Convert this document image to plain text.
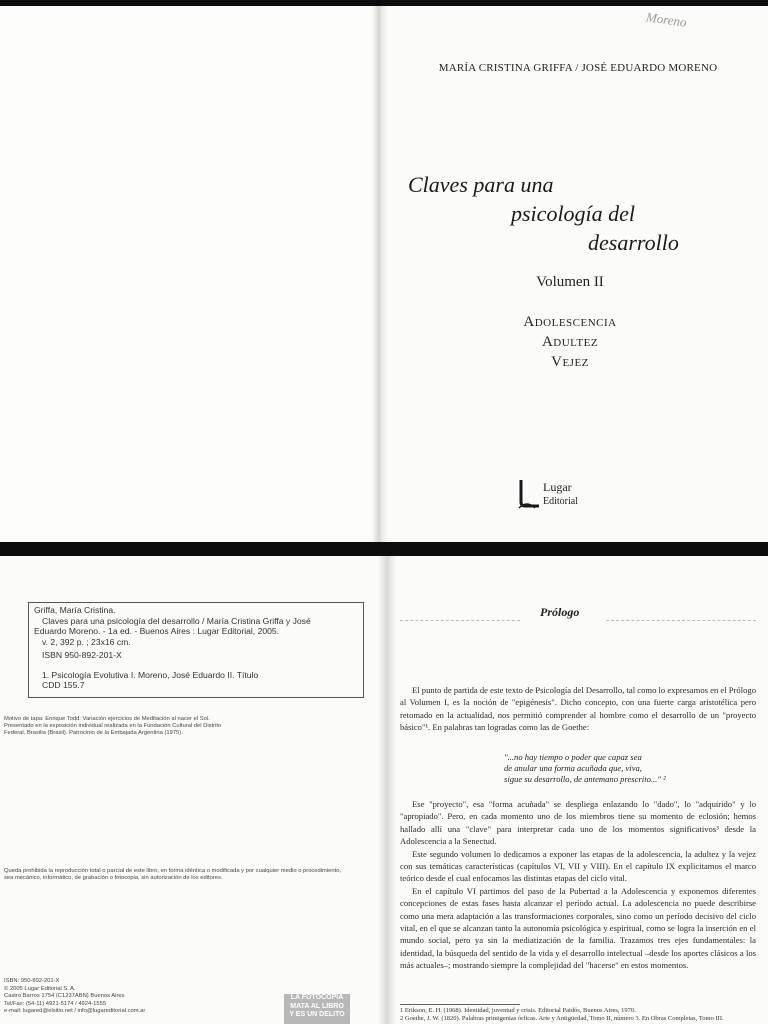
Moreno
MARÍA CRISTINA GRIFFA / JOSÉ EDUARDO MORENO
Claves para una
psicología del
desarrollo
Volumen II
Adolescencia
Adultez
Vejez
Lugar
Editorial
Griffa, María Cristina.
Claves para una psicología del desarrollo / María Cristina Griffa y José
Eduardo Moreno. - 1a ed. - Buenos Aires : Lugar Editorial, 2005.
v. 2, 392 p. ; 23x16 cm.
ISBN 950-892-201-X
1. Psicología Evolutiva I. Moreno, José Eduardo II. Título
CDD 155.7
Motivo de tapa: Enrique Todd: Variación ejercicios de Meditación al nacer el Sol. Presentado en la exposición individual realizada en la Fundación Cultural del Distrito Federal, Brasilia (Brasil). Patrocinio de la Embajada Argentina (1975).
Queda prohibida la reproducción total o parcial de este libro, en forma idéntica o modificada y por cualquier medio o procedimiento, sea mecánico, informático, de grabación o fotocopia, sin autorización de los editores.
ISBN: 950-892-201-X
© 2005 Lugar Editorial S. A.
Castro Barros 1754 (C1237ABN) Buenos Aires
Tel/Fax: (54-11) 4921-5174 / 4924-1555
e-mail: lugared@elsitio.net / info@lugareditorial.com.ar
LA FOTOCOPIA
MATA AL LIBRO
Y ES UN DELITO
Prólogo

El punto de partida de este texto de Psicología del Desarrollo, tal como lo expresamos en el Prólogo al Volumen I, es la noción de "epigénesis". Dicho concepto, con una fuerte carga aristotélica pero retomado en la actualidad, nos permitió comprender al hombre como el desarrollo de un "proyecto básico"¹. En palabras tan logradas como las de Goethe:

"...no hay tiempo o poder que capaz sea
de anular una forma acuñada que, viva,
sigue su desarrollo, de antemano prescrito..." ²

Ese "proyecto", esa "forma acuñada" se despliega enlazando lo "dado", lo "adquirido" y lo "apropiado". Pero, en cada momento uno de los miembros tiene su momento de eclosión; hemos hallado allí una "clave" para interpretar cada uno de los momentos significativos³ desde la Adolescencia a la Senectud.

Este segundo volumen lo dedicamos a exponer las etapas de la adolescencia, la adultez y la vejez con sus temáticas características (capítulos VI, VII y VIII). En el capítulo IX explicitamos el marco teórico desde el cual enfocamos las distintas etapas del ciclo vital.

En el capítulo VI partimos del paso de la Pubertad a la Adolescencia y exponemos diferentes concepciones de estas fases hasta alcanzar el período actual. La adolescencia no puede describirse como una mera adaptación a las transformaciones corporales, sino como un período decisivo del ciclo vital, en el que se alcanzan tanto la autonomía psicológica y espiritual, como se logra la inserción en el mundo social, pero ya sin la mediatización de la familia. Trazamos tres ejes fundamentales: la identidad, la búsqueda del sentido de la vida y el desarrollo intelectual –desde los aportes clásicos a los más actuales–; mostrando siempre la complejidad del "hacerse" en estos momentos.

1 Erikson, E. H. (1968). Identidad, juventud y crisis. Editorial Paidós, Buenos Aires, 1970.
2 Goethe, J. W. (1820). Palabras primigenias órficas. Arte y Antigüedad, Tomo II, número 3. En Obras Completas, Tomo III.
